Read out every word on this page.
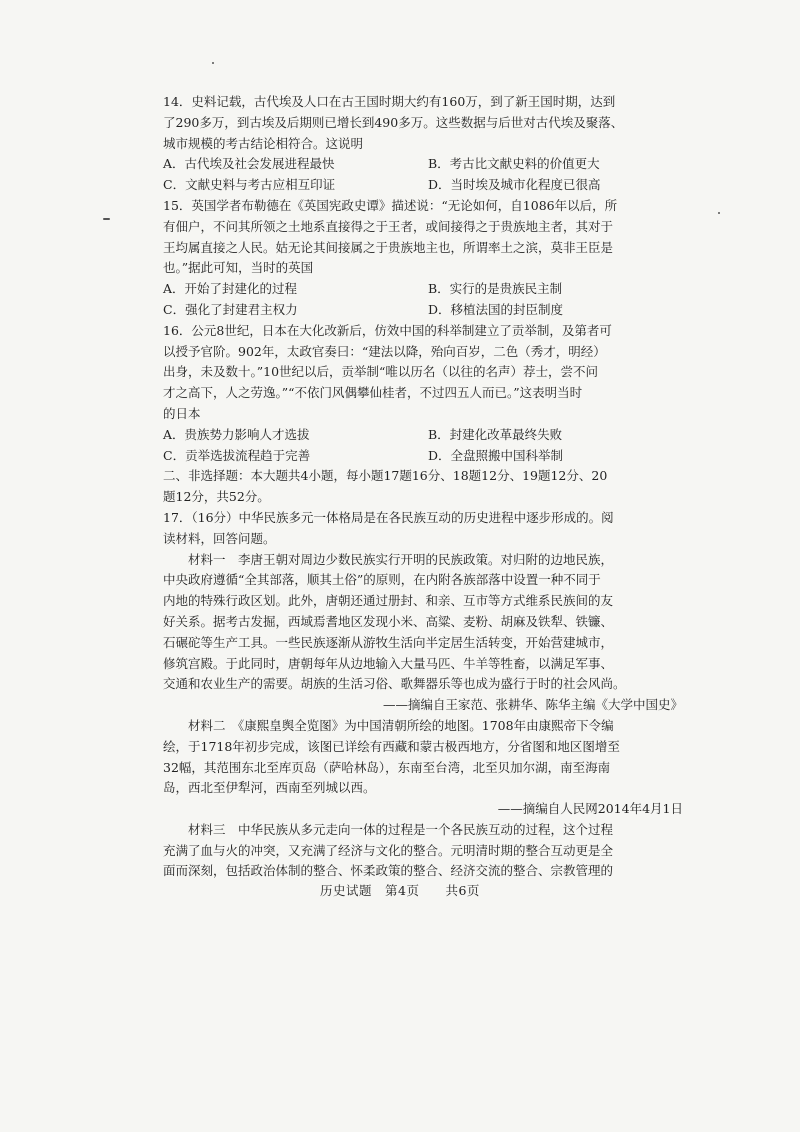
14．史料记载，古代埃及人口在古王国时期大约有160万，到了新王国时期，达到
了290多万，到古埃及后期则已增长到490多万。这些数据与后世对古代埃及聚落、
城市规模的考古结论相符合。这说明
A．古代埃及社会发展进程最快	B．考古比文献史料的价值更大
C．文献史料与考古应相互印证	D．当时埃及城市化程度已很高
15．英国学者布勒德在《英国宪政史谭》描述说：“无论如何，自1086年以后，所
有佃户，不问其所领之土地系直接得之于王者，或间接得之于贵族地主者，其对于
王均属直接之人民。姑无论其间接属之于贵族地主也，所谓率土之滨，莫非王臣是
也。”据此可知，当时的英国
A．开始了封建化的过程	B．实行的是贵族民主制
C．强化了封建君主权力	D．移植法国的封臣制度
16．公元8世纪，日本在大化改新后，仿效中国的科举制建立了贡举制，及第者可
以授予官阶。902年，太政官奏曰：“建法以降，殆向百岁，二色（秀才，明经）
出身，未及数十。”10世纪以后，贡举制“唯以历名（以往的名声）荐士，尝不问
才之高下，人之劳逸。”“不依门风偶攀仙桂者，不过四五人而已。”这表明当时
的日本
A．贵族势力影响人才选拔	B．封建化改革最终失败
C．贡举选拔流程趋于完善	D．全盘照搬中国科举制
二、非选择题：本大题共4小题，每小题17题16分、18题12分、19题12分、20
题12分，共52分。
17．（16分）中华民族多元一体格局是在各民族互动的历史进程中逐步形成的。阅
读材料，回答问题。
材料一　李唐王朝对周边少数民族实行开明的民族政策。对归附的边地民族，
中央政府遵循“全其部落，顺其土俗”的原则，在内附各族部落中设置一种不同于
内地的特殊行政区划。此外，唐朝还通过册封、和亲、互市等方式维系民族间的友
好关系。据考古发掘，西域焉耆地区发现小米、高粱、麦粉、胡麻及铁犁、铁镰、
石碾砣等生产工具。一些民族逐渐从游牧生活向半定居生活转变，开始营建城市，
修筑宫殿。于此同时，唐朝每年从边地输入大量马匹、牛羊等牲畜，以满足军事、
交通和农业生产的需要。胡族的生活习俗、歌舞器乐等也成为盛行于时的社会风尚。
——摘编自王家范、张耕华、陈华主编《大学中国史》
材料二　《康熙皇舆全览图》为中国清朝所绘的地图。1708年由康熙帝下令编
绘，于1718年初步完成，该图已详绘有西藏和蒙古极西地方，分省图和地区图增至
32幅，其范围东北至库页岛（萨哈林岛），东南至台湾，北至贝加尔湖，南至海南
岛，西北至伊犁河，西南至列城以西。
——摘编自人民网2014年4月1日
材料三　中华民族从多元走向一体的过程是一个各民族互动的过程，这个过程
充满了血与火的冲突，又充满了经济与文化的整合。元明清时期的整合互动更是全
面而深刻，包括政治体制的整合、怀柔政策的整合、经济交流的整合、宗教管理的
历史试题　第4页　　共6页
